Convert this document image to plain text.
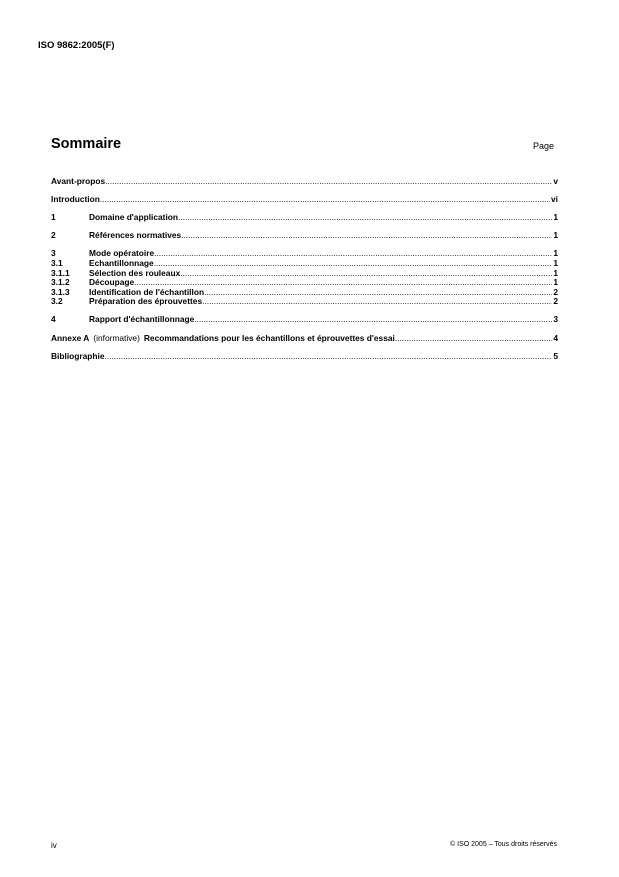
ISO 9862:2005(F)
Sommaire	Page
Avant-propos .....	v
Introduction .....	vi
1	Domaine d'application .....	1
2	Références normatives .....	1
3	Mode opératoire .....	1
3.1	Echantillonnage .....	1
3.1.1	Sélection des rouleaux .....	1
3.1.2	Découpage .....	1
3.1.3	Identification de l'échantillon .....	2
3.2	Préparation des éprouvettes .....	2
4	Rapport d'échantillonnage .....	3
Annexe A (informative) Recommandations pour les échantillons et éprouvettes d'essai .....	4
Bibliographie .....	5
iv	© ISO 2005 – Tous droits réservés
